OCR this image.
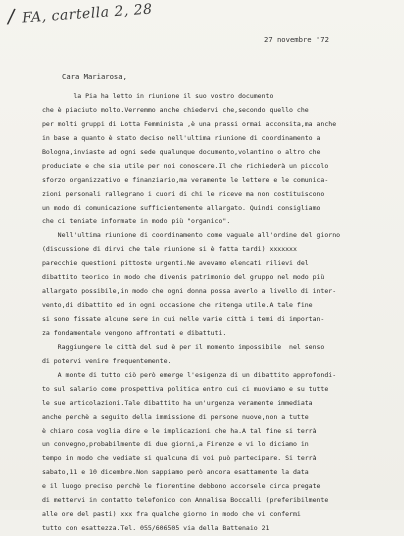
/ FA, cartella 2, 28
27 novembre '72
Cara Mariarosa,
la Pia ha letto in riunione il suo vostro documento
che è piaciuto molto.Verremmo anche chiedervi che,secondo quello che
per molti gruppi di Lotta Femminista ,è una prassi ormai acconsita,ma anche
in base a quanto è stato deciso nell'ultima riunione di coordinamento a
Bologna,inviaste ad ogni sede qualunque documento,volantino o altro che
produciate e che sia utile per noi conoscere.Il che richiederà un piccolo
sforzo organizzativo e finanziario,ma veramente le lettere e le comunica-
zioni personali rallegrano i cuori di chi le riceve ma non costituiscono
un modo di comunicazione sufficientemente allargato. Quindi consigliamo
che ci teniate informate in modo più "organico".
Nell'ultima riunione di coordinamento come vaguale all'ordine del giorno
(discussione di dirvi che tale riunione si è fatta tardi) xxxxxxx
parecchie questioni pittoste urgenti.Ne avevamo elencati rilievi del
dibattito teorico in modo che divenis patrimonio del gruppo nel modo più
allargato possibile,in modo che ogni donna possa averlo a livello di inter-
vento,di dibattito ed in ogni occasione che ritenga utile.A tale fine
si sono fissate alcune sere in cui nelle varie città i temi di importan-
za fondamentale vengono affrontati e dibattuti.
Raggiungere le città del sud è per il momento impossibile  nel senso
di potervi venire frequentemente.
A monte di tutto ciò però emerge l'esigenza di un dibattito approfondi-
to sul salario come prospettiva politica entro cui ci muoviamo e su tutte
le sue articolazioni.Tale dibattito ha un'urgenza veramente immediata
anche perchè a seguito della immissione di persone nuove,non a tutte
è chiaro cosa voglia dire e le implicazioni che ha.A tal fine si terrà
un convegno,probabilmente di due giorni,a Firenze e vi lo diciamo in
tempo in modo che vediate si qualcuna di voi può partecipare. Si terrà
sabato,11 e 10 dicembre.Non sappiamo però ancora esattamente la data
e il luogo preciso perchè le fiorentine debbono accorsele circa pregate
di mettervi in contatto telefonico con Annalisa Boccalli (preferibilmente
alle ore del pasti) xxx fra qualche giorno in modo che vi confermi
tutto con esattezza.Tel. 055/606505 via della Battenaio 21
